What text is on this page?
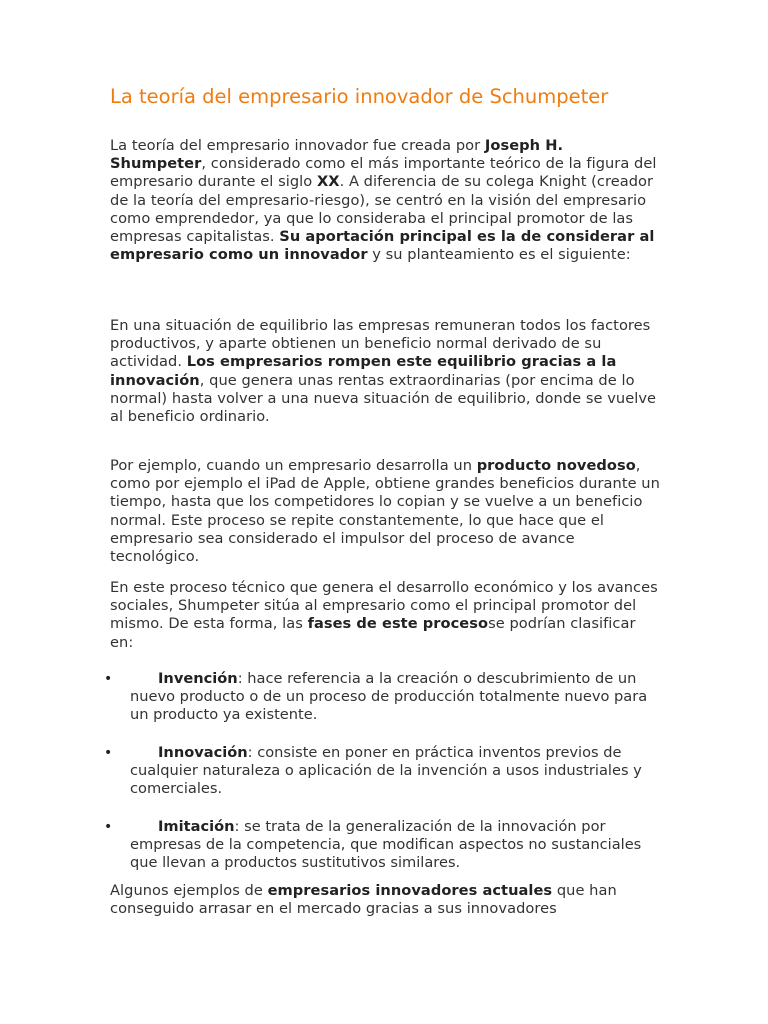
La teoría del empresario innovador de Schumpeter

La teoría del empresario innovador fue creada por Joseph H. Shumpeter, considerado como el más importante teórico de la figura del empresario durante el siglo XX. A diferencia de su colega Knight (creador de la teoría del empresario-riesgo), se centró en la visión del empresario como emprendedor, ya que lo consideraba el principal promotor de las empresas capitalistas. Su aportación principal es la de considerar al empresario como un innovador y su planteamiento es el siguiente:

En una situación de equilibrio las empresas remuneran todos los factores productivos, y aparte obtienen un beneficio normal derivado de su actividad. Los empresarios rompen este equilibrio gracias a la innovación, que genera unas rentas extraordinarias (por encima de lo normal) hasta volver a una nueva situación de equilibrio, donde se vuelve al beneficio ordinario.

Por ejemplo, cuando un empresario desarrolla un producto novedoso, como por ejemplo el iPad de Apple, obtiene grandes beneficios durante un tiempo, hasta que los competidores lo copian y se vuelve a un beneficio normal. Este proceso se repite constantemente, lo que hace que el empresario sea considerado el impulsor del proceso de avance tecnológico.

En este proceso técnico que genera el desarrollo económico y los avances sociales, Shumpeter sitúa al empresario como el principal promotor del mismo. De esta forma, las fases de este procesose podrían clasificar en:

•	Invención: hace referencia a la creación o descubrimiento de un nuevo producto o de un proceso de producción totalmente nuevo para un producto ya existente.

•	Innovación: consiste en poner en práctica inventos previos de cualquier naturaleza o aplicación de la invención a usos industriales y comerciales.

•	Imitación: se trata de la generalización de la innovación por empresas de la competencia, que modifican aspectos no sustanciales que llevan a productos sustitutivos similares.

Algunos ejemplos de empresarios innovadores actuales que han conseguido arrasar en el mercado gracias a sus innovadores
